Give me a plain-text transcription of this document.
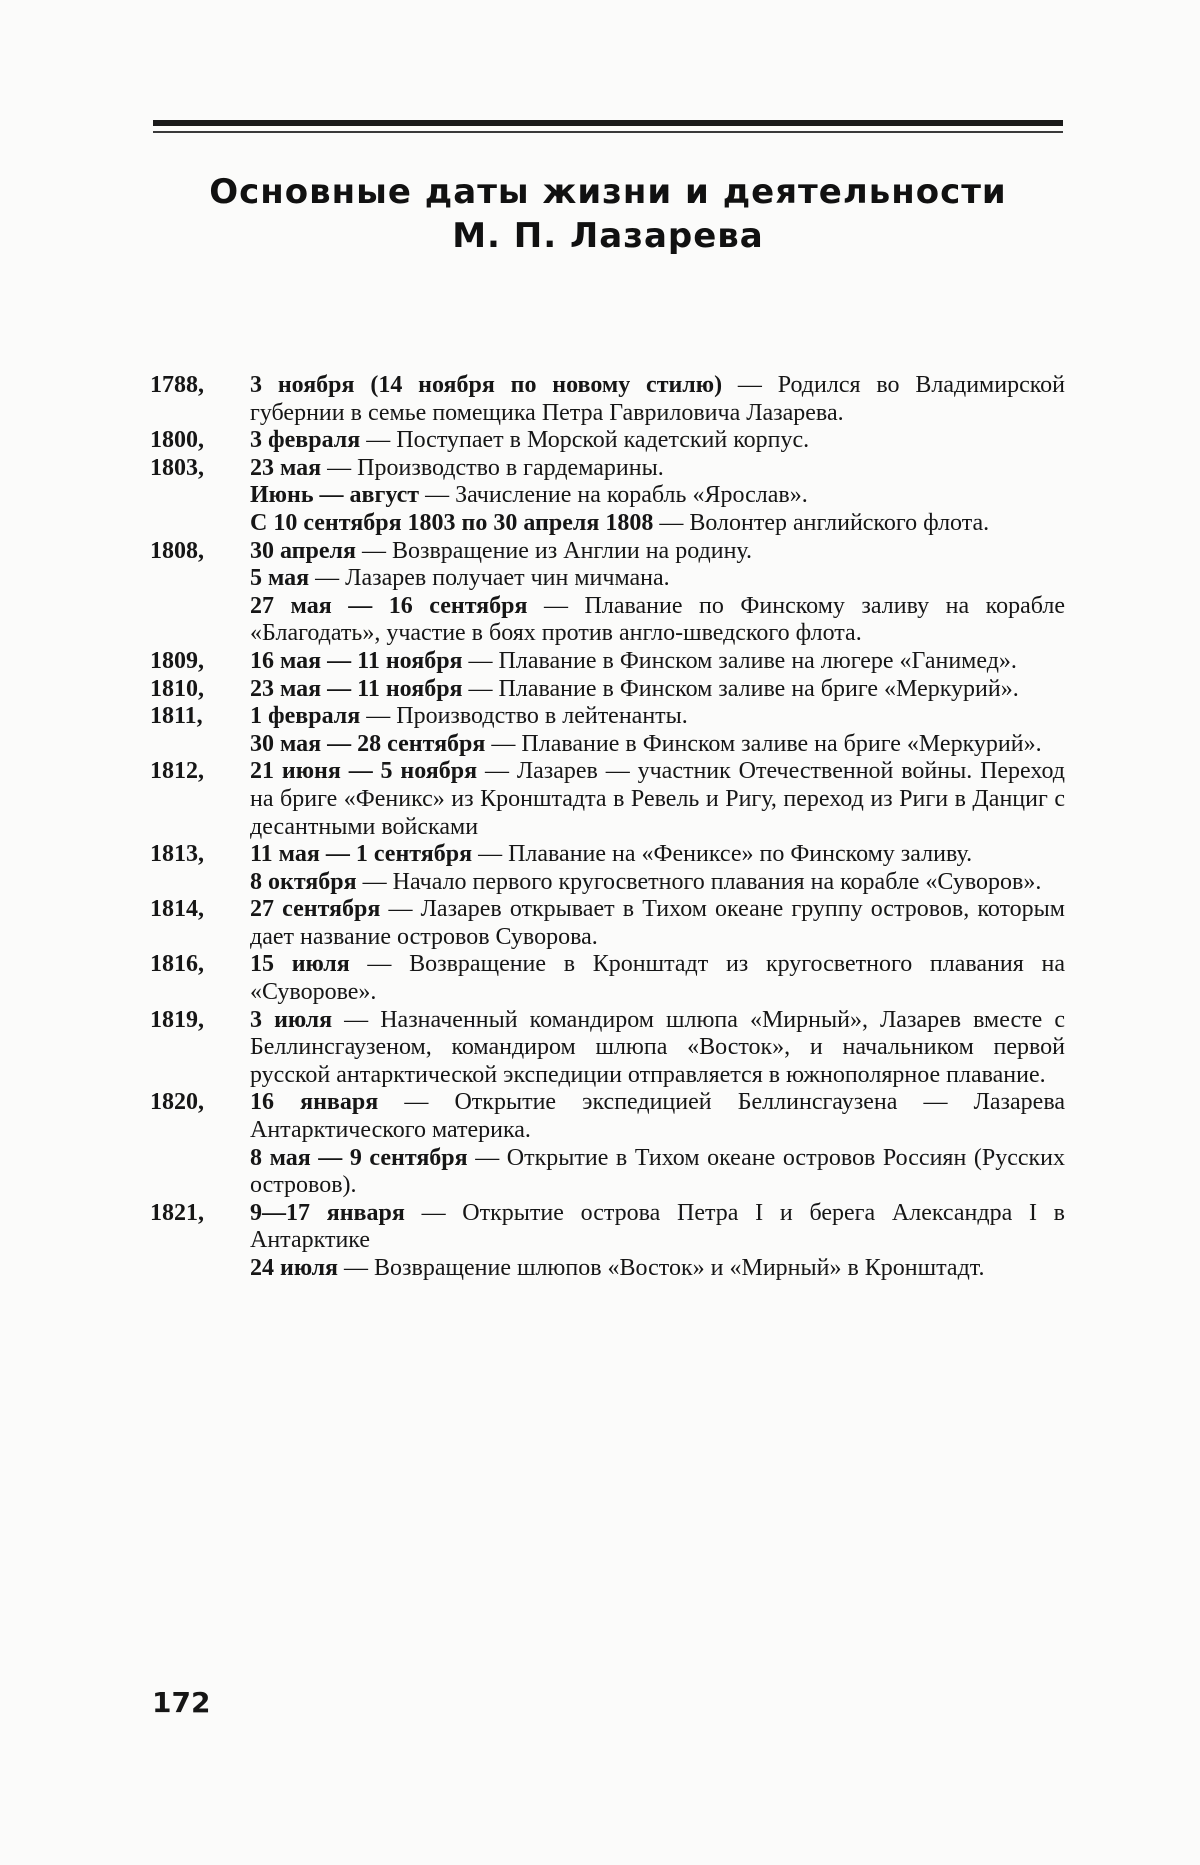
Основные даты жизни и деятельности
М. П. Лазарева
1788, 3 ноября (14 ноября по новому стилю) — Родился во Владимирской губернии в семье помещика Петра Гавриловича Лазарева.
1800, 3 февраля — Поступает в Морской кадетский корпус.
1803, 23 мая — Производство в гардемарины.
Июнь — август — Зачисление на корабль «Ярослав».
С 10 сентября 1803 по 30 апреля 1808 — Волонтер английского флота.
1808, 30 апреля — Возвращение из Англии на родину.
5 мая — Лазарев получает чин мичмана.
27 мая — 16 сентября — Плавание по Финскому заливу на корабле «Благодать», участие в боях против англо-шведского флота.
1809, 16 мая — 11 ноября — Плавание в Финском заливе на люгере «Ганимед».
1810, 23 мая — 11 ноября — Плавание в Финском заливе на бриге «Меркурий».
1811, 1 февраля — Производство в лейтенанты.
30 мая — 28 сентября — Плавание в Финском заливе на бриге «Меркурий».
1812, 21 июня — 5 ноября — Лазарев — участник Отечественной войны. Переход на бриге «Феникс» из Кронштадта в Ревель и Ригу, переход из Риги в Данциг с десантными войсками
1813, 11 мая — 1 сентября — Плавание на «Фениксе» по Финскому заливу.
8 октября — Начало первого кругосветного плавания на корабле «Суворов».
1814, 27 сентября — Лазарев открывает в Тихом океане группу островов, которым дает название островов Суворова.
1816, 15 июля — Возвращение в Кронштадт из кругосветного плавания на «Суворове».
1819, 3 июля — Назначенный командиром шлюпа «Мирный», Лазарев вместе с Беллинсгаузеном, командиром шлюпа «Восток», и начальником первой русской антарктической экспедиции отправляется в южнополярное плавание.
1820, 16 января — Открытие экспедицией Беллинсгаузена — Лазарева Антарктического материка.
8 мая — 9 сентября — Открытие в Тихом океане островов Россиян (Русских островов).
1821, 9—17 января — Открытие острова Петра I и берега Александра I в Антарктике
24 июля — Возвращение шлюпов «Восток» и «Мирный» в Кронштадт.
172
